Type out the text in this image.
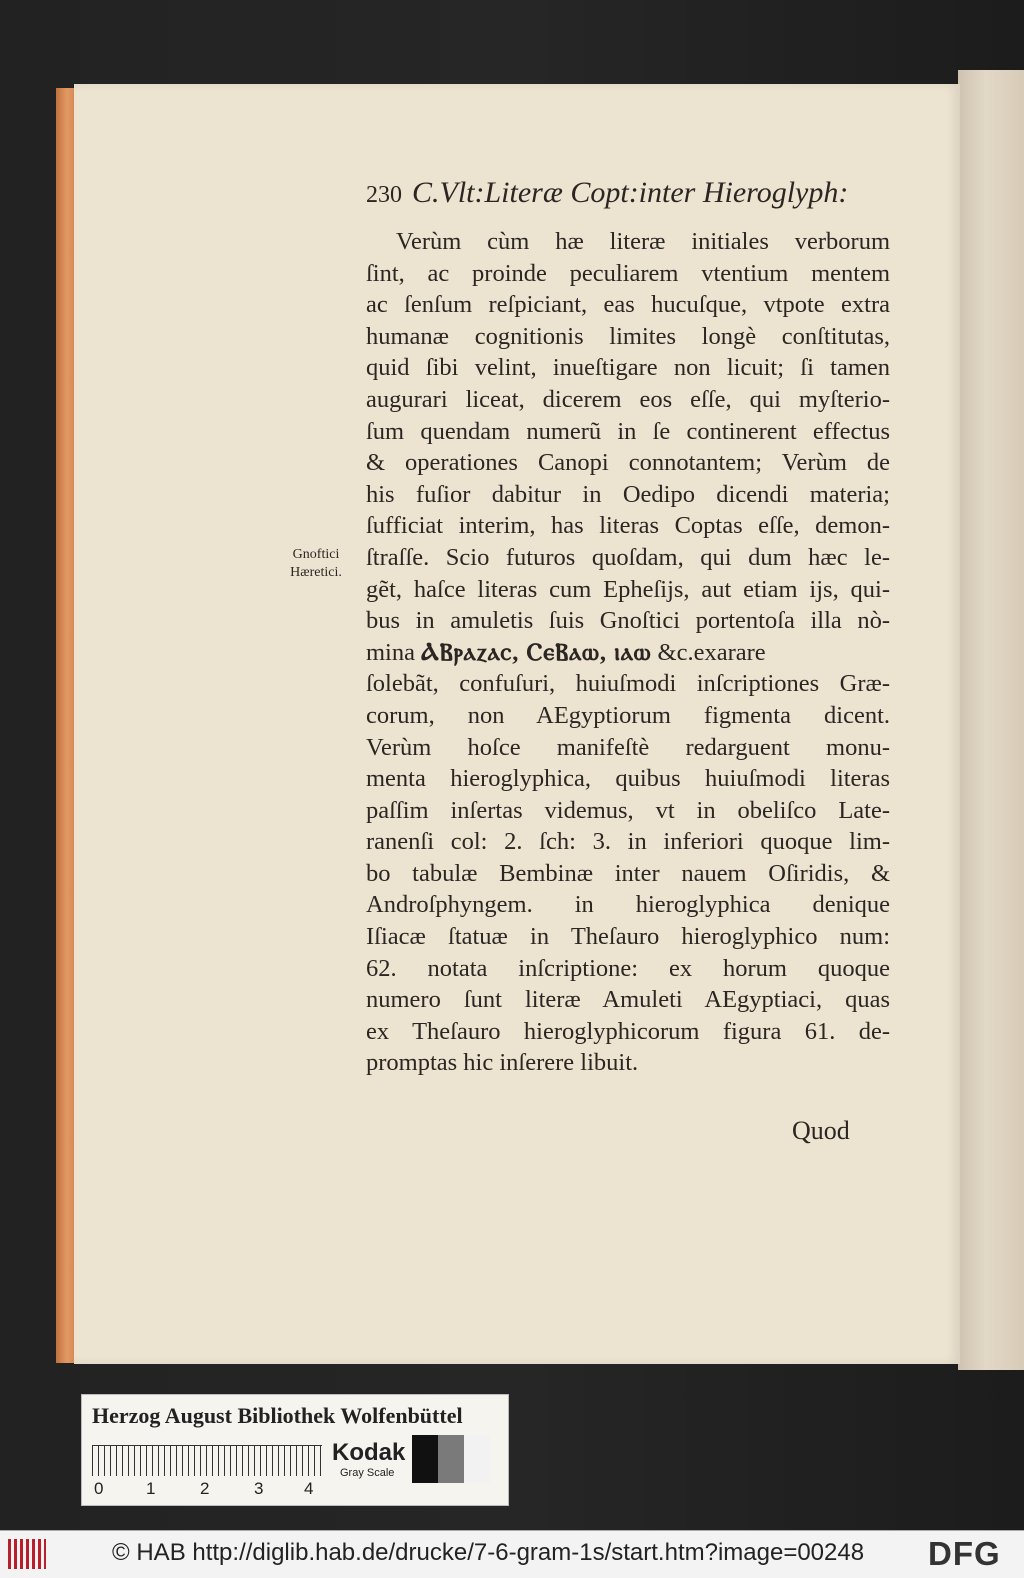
230 C.Vlt:Literæ Copt:inter Hieroglyph:
Gnoftici
Hæretici.
Verùm cùm hæ literæ initiales verborum
ſint, ac proinde peculiarem vtentium mentem
ac ſenſum reſpiciant, eas hucuſque, vtpote extra
humanæ cognitionis limites longè conſtitutas,
quid ſibi velint, inueſtigare non licuit; ſi tamen
augurari liceat, dicerem eos eſſe, qui myſterio-
ſum quendam numerũ in ſe continerent effectus
& operationes Canopi connotantem; Verùm de
his fuſior dabitur in Oedipo dicendi materia;
ſufficiat interim, has literas Coptas eſſe, demon-
ſtraſſe. Scio futuros quoſdam, qui dum hæc le-
gẽt, haſce literas cum Epheſijs, aut etiam ijs, qui-
bus in amuletis ſuis Gnoſtici portentoſa illa nò-
mina ⲀⲂⲣⲁⲍⲁⲥ, ⲤⲉⲂⲁⲱ, ⲓⲁⲱ &c.exarare
ſolebãt, confuſuri, huiuſmodi inſcriptiones Græ-
corum, non AEgyptiorum figmenta dicent.
Verùm hoſce manifeſtè redarguent monu-
menta hieroglyphica, quibus huiuſmodi literas
paſſim inſertas videmus, vt in obeliſco Late-
ranenſi col: 2. ſch: 3. in inferiori quoque lim-
bo tabulæ Bembinæ inter nauem Oſiridis, &
Androſphyngem. in hieroglyphica denique
Iſiacæ ſtatuæ in Theſauro hieroglyphico num:
62. notata inſcriptione: ex horum quoque
numero ſunt literæ Amuleti AEgyptiaci, quas
ex Theſauro hieroglyphicorum figura 61. de-
promptas hic inſerere libuit.
Quod
Herzog August Bibliothek Wolfenbüttel
0	1	2	3 4
Kodak
Gray Scale
© HAB http://diglib.hab.de/drucke/7-6-gram-1s/start.htm?image=00248 DFG
